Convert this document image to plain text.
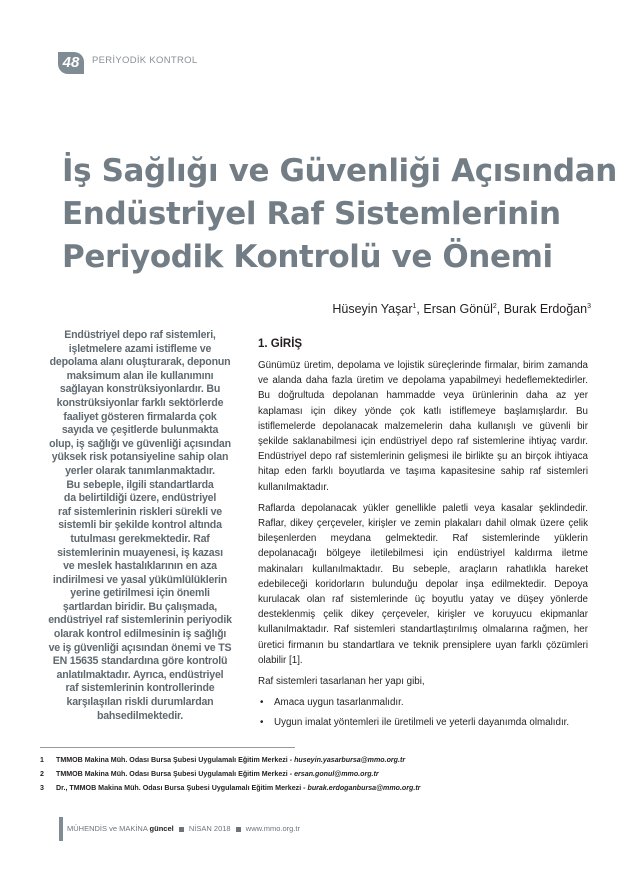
48	PERİYODİK KONTROL
İş Sağlığı ve Güvenliği Açısından
Endüstriyel Raf Sistemlerinin
Periyodik Kontrolü ve Önemi
Hüseyin Yaşar$^1$, Ersan Gönül$^2$, Burak Erdoğan$^3$
Endüstriyel depo raf sistemleri,
işletmelere azami istifleme ve
depolama alanı oluşturarak, deponun
maksimum alan ile kullanımını
sağlayan konstrüksiyonlardır. Bu
konstrüksiyonlar farklı sektörlerde
faaliyet gösteren firmalarda çok
sayıda ve çeşitlerde bulunmakta
olup, iş sağlığı ve güvenliği açısından
yüksek risk potansiyeline sahip olan
yerler olarak tanımlanmaktadır.
Bu sebeple, ilgili standartlarda
da belirtildiği üzere, endüstriyel
raf sistemlerinin riskleri sürekli ve
sistemli bir şekilde kontrol altında
tutulması gerekmektedir. Raf
sistemlerinin muayenesi, iş kazası
ve meslek hastalıklarının en aza
indirilmesi ve yasal yükümlülüklerin
yerine getirilmesi için önemli
şartlardan biridir. Bu çalışmada,
endüstriyel raf sistemlerinin periyodik
olarak kontrol edilmesinin iş sağlığı
ve iş güvenliği açısından önemi ve TS
EN 15635 standardına göre kontrolü
anlatılmaktadır. Ayrıca, endüstriyel
raf sistemlerinin kontrollerinde
karşılaşılan riskli durumlardan
bahsedilmektedir.
1. GİRİŞ

Günümüz üretim, depolama ve lojistik süreçlerinde firmalar, birim zamanda ve alanda daha fazla üretim ve depolama yapabilmeyi hedeflemektedirler. Bu doğrultuda depolanan hammadde veya ürünlerinin daha az yer kaplaması için dikey yönde çok katlı istiflemeye başlamışlardır. Bu istiflemelerde depolanacak malzemelerin daha kullanışlı ve güvenli bir şekilde saklanabilmesi için endüstriyel depo raf sistemlerine ihtiyaç vardır. Endüstriyel depo raf sistemlerinin gelişmesi ile birlikte şu an birçok ihtiyaca hitap eden farklı boyutlarda ve taşıma kapasitesine sahip raf sistemleri kullanılmaktadır.

Raflarda depolanacak yükler genellikle paletli veya kasalar şeklindedir. Raflar, dikey çerçeveler, kirişler ve zemin plakaları dahil olmak üzere çelik bileşenlerden meydana gelmektedir. Raf sistemlerinde yüklerin depolanacağı bölgeye iletilebilmesi için endüstriyel kaldırma iletme makinaları kullanılmaktadır. Bu sebeple, araçların rahatlıkla hareket edebileceği koridorların bulunduğu depolar inşa edilmektedir. Depoya kurulacak olan raf sistemlerinde üç boyutlu yatay ve düşey yönlerde desteklenmiş çelik dikey çerçeveler, kirişler ve koruyucu ekipmanlar kullanılmaktadır. Raf sistemleri standartlaştırılmış olmalarına rağmen, her üretici firmanın bu standartlara ve teknik prensiplere uyan farklı çözümleri olabilir [1].

Raf sistemleri tasarlanan her yapı gibi,

• Amaca uygun tasarlanmalıdır.
• Uygun imalat yöntemleri ile üretilmeli ve yeterli dayanımda olmalıdır.
1 TMMOB Makina Müh. Odası Bursa Şubesi Uygulamalı Eğitim Merkezi - huseyin.yasarbursa@mmo.org.tr
2 TMMOB Makina Müh. Odası Bursa Şubesi Uygulamalı Eğitim Merkezi - ersan.gonul@mmo.org.tr
3 Dr., TMMOB Makina Müh. Odası Bursa Şubesi Uygulamalı Eğitim Merkezi - burak.erdoganbursa@mmo.org.tr
MÜHENDİS ve MAKİNA güncel NİSAN 2018 www.mmo.org.tr
